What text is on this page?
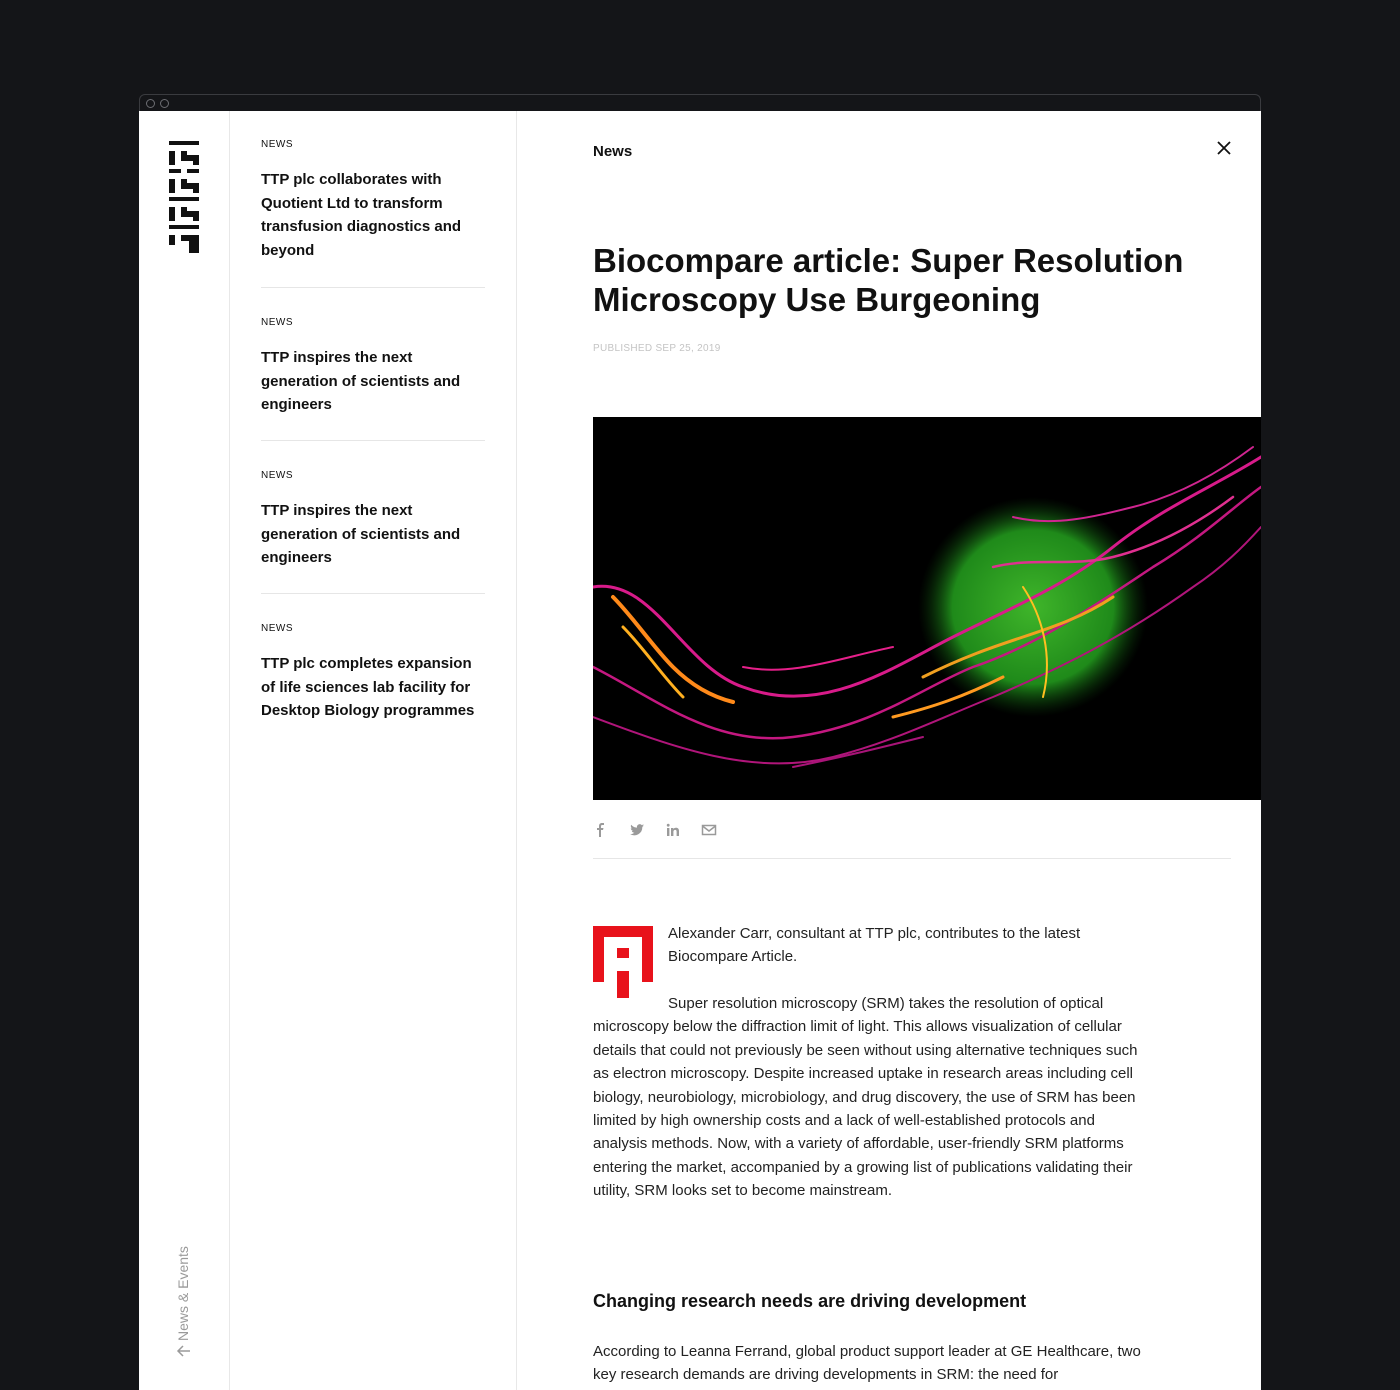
News & Events
NEWS
TTP plc collaborates with Quotient Ltd to transform transfusion diagnostics and beyond
NEWS
TTP inspires the next generation of scientists and engineers
NEWS
TTP inspires the next generation of scientists and engineers
NEWS
TTP plc completes expansion of life sciences lab facility for Desktop Biology programmes
News
Biocompare article: Super Resolution Microscopy Use Burgeoning
PUBLISHED SEP 25, 2019

Alexander Carr, consultant at TTP plc, contributes to the latest Biocompare Article.

Super resolution microscopy (SRM) takes the resolution of optical microscopy below the diffraction limit of light. This allows visualization of cellular details that could not previously be seen without using alternative techniques such as electron microscopy. Despite increased uptake in research areas including cell biology, neurobiology, microbiology, and drug discovery, the use of SRM has been limited by high ownership costs and a lack of well-established protocols and analysis methods. Now, with a variety of affordable, user-friendly SRM platforms entering the market, accompanied by a growing list of publications validating their utility, SRM looks set to become mainstream.

Changing research needs are driving development

According to Leanna Ferrand, global product support leader at GE Healthcare, two key research demands are driving developments in SRM: the need for
